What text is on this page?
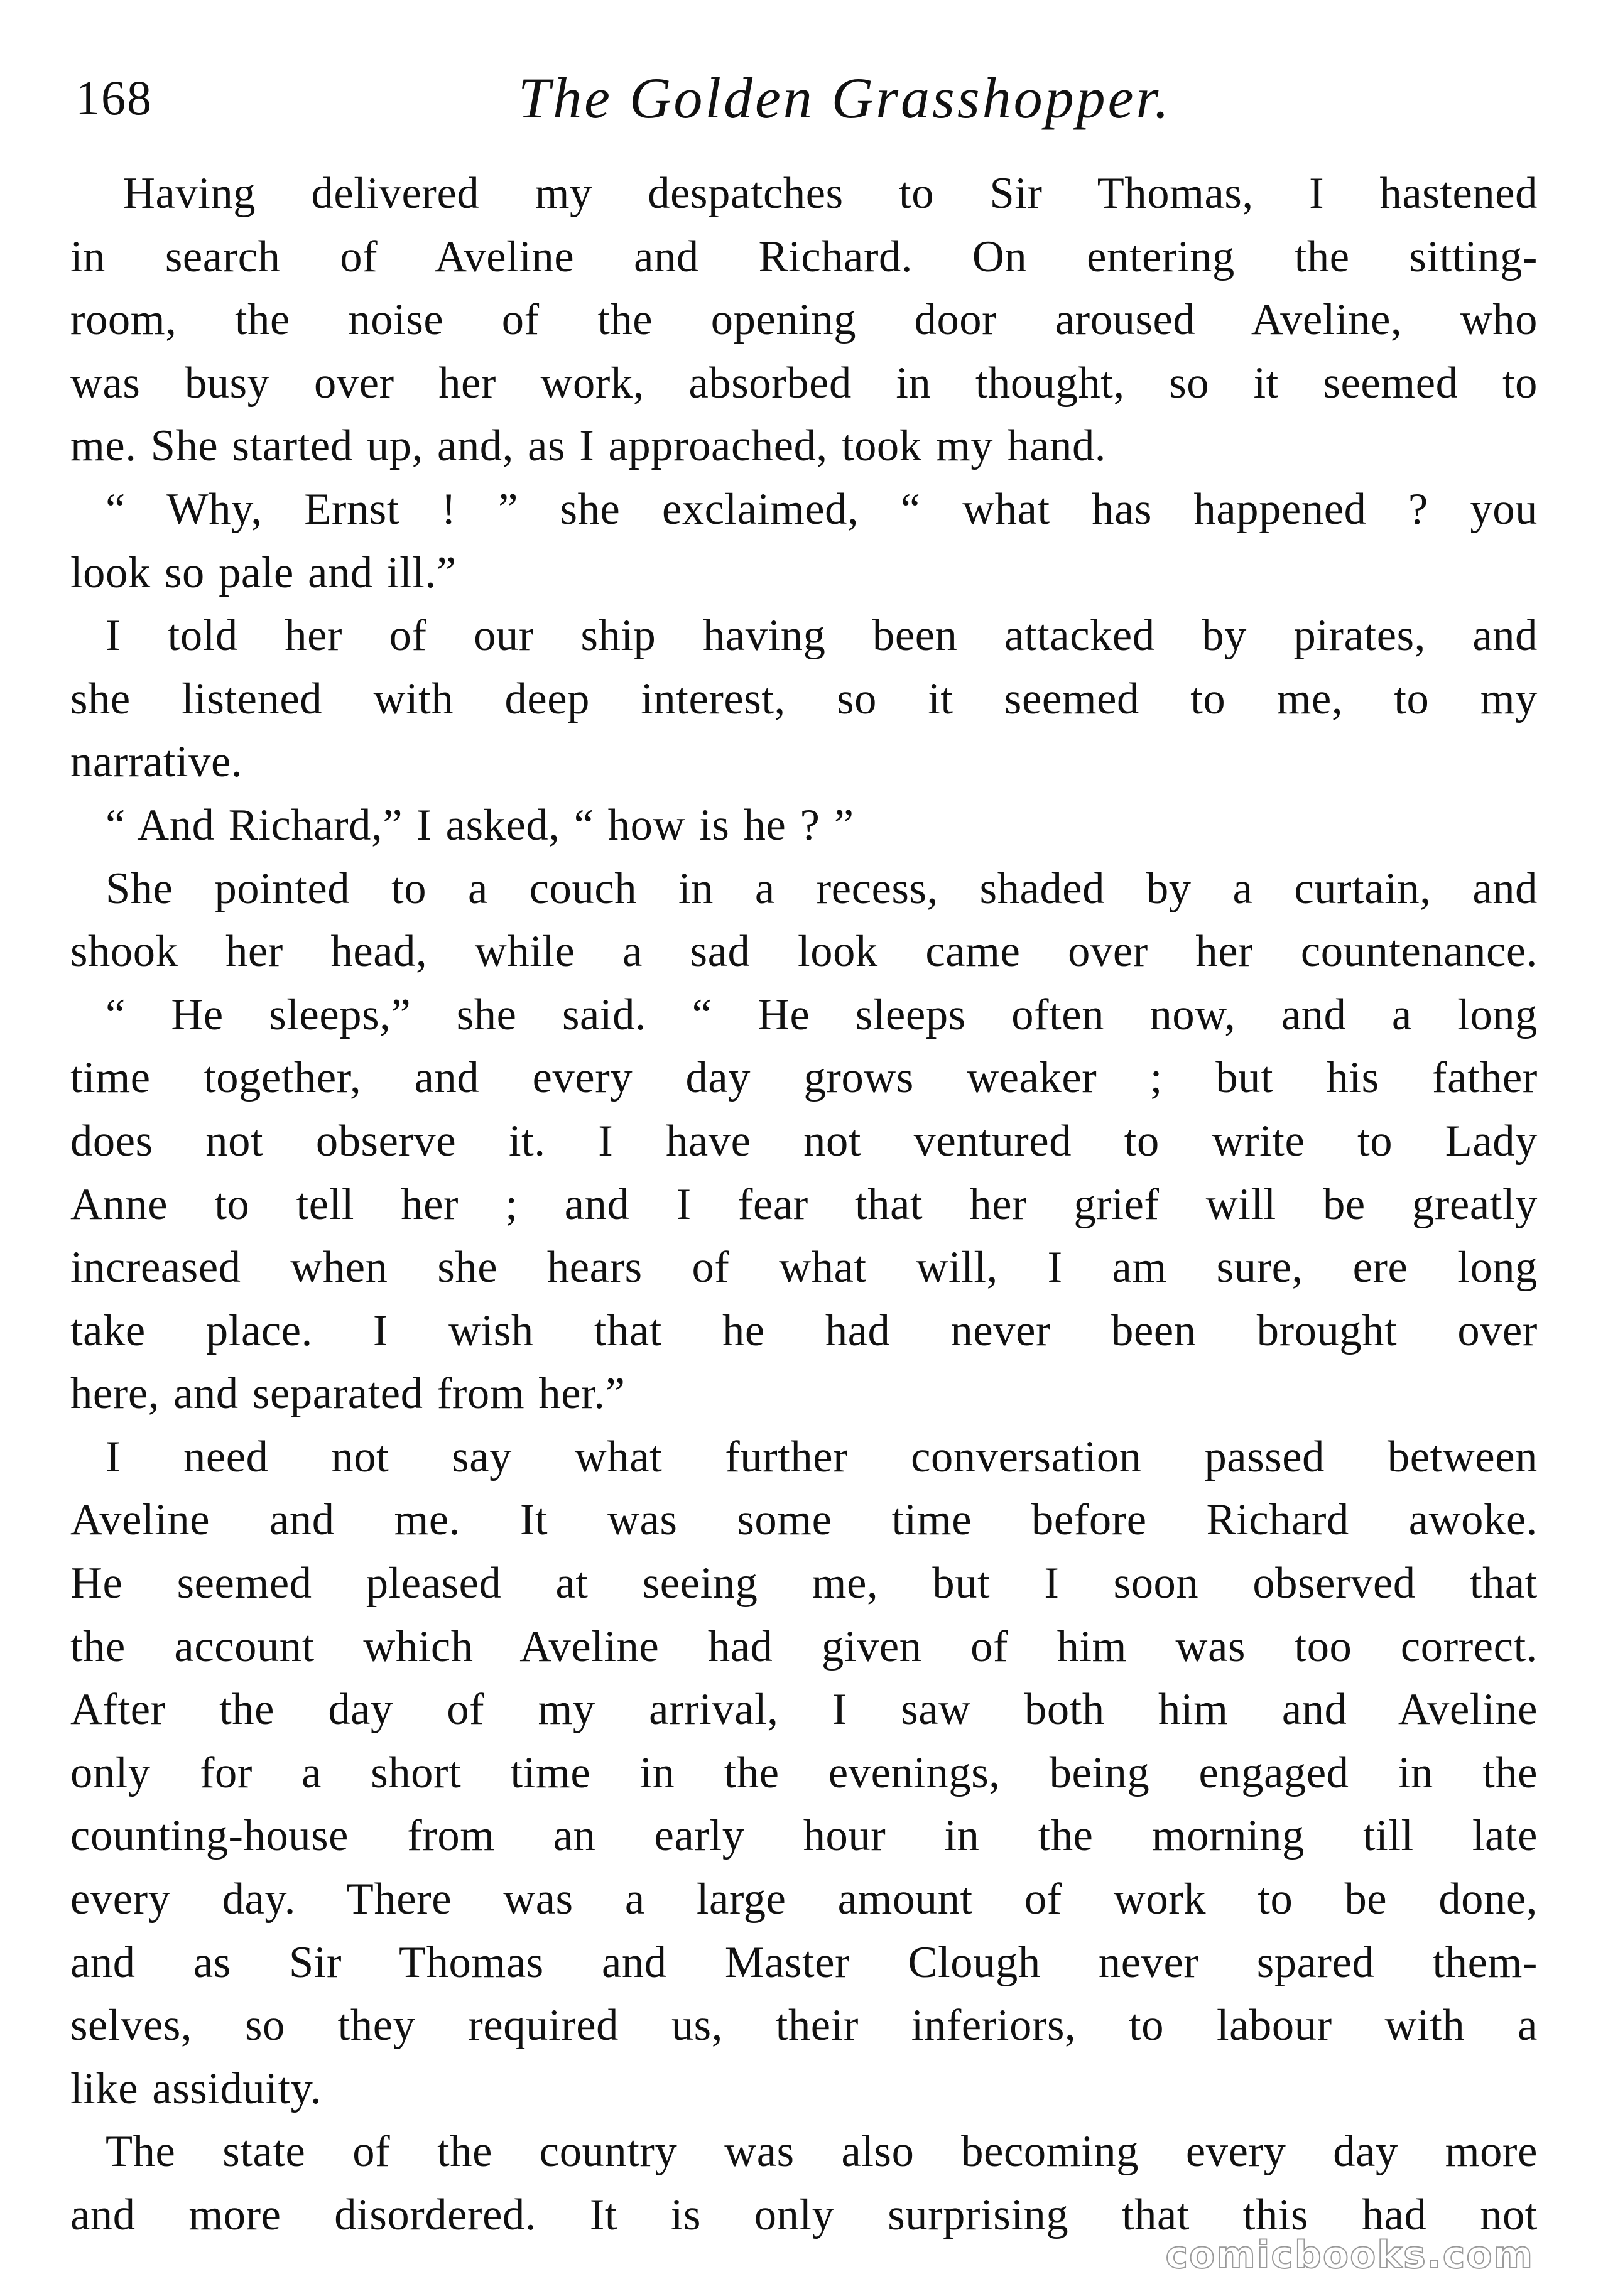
168	The Golden Grasshopper.
Having delivered my despatches to Sir Thomas, I hastened
in search of Aveline and Richard. On entering the sitting-
room, the noise of the opening door aroused Aveline, who
was busy over her work, absorbed in thought, so it seemed to
me. She started up, and, as I approached, took my hand.
“ Why, Ernst ! ” she exclaimed, “ what has happened ? you
look so pale and ill.”
I told her of our ship having been attacked by pirates, and
she listened with deep interest, so it seemed to me, to my
narrative.
“ And Richard,” I asked, “ how is he ? ”
She pointed to a couch in a recess, shaded by a curtain, and
shook her head, while a sad look came over her countenance.
“ He sleeps,” she said. “ He sleeps often now, and a long
time together, and every day grows weaker ; but his father
does not observe it. I have not ventured to write to Lady
Anne to tell her ; and I fear that her grief will be greatly
increased when she hears of what will, I am sure, ere long
take place. I wish that he had never been brought over
here, and separated from her.”
I need not say what further conversation passed between
Aveline and me. It was some time before Richard awoke.
He seemed pleased at seeing me, but I soon observed that
the account which Aveline had given of him was too correct.
After the day of my arrival, I saw both him and Aveline
only for a short time in the evenings, being engaged in the
counting-house from an early hour in the morning till late
every day. There was a large amount of work to be done,
and as Sir Thomas and Master Clough never spared them-
selves, so they required us, their inferiors, to labour with a
like assiduity.
The state of the country was also becoming every day more
and more disordered. It is only surprising that this had not
comicbooks.com
